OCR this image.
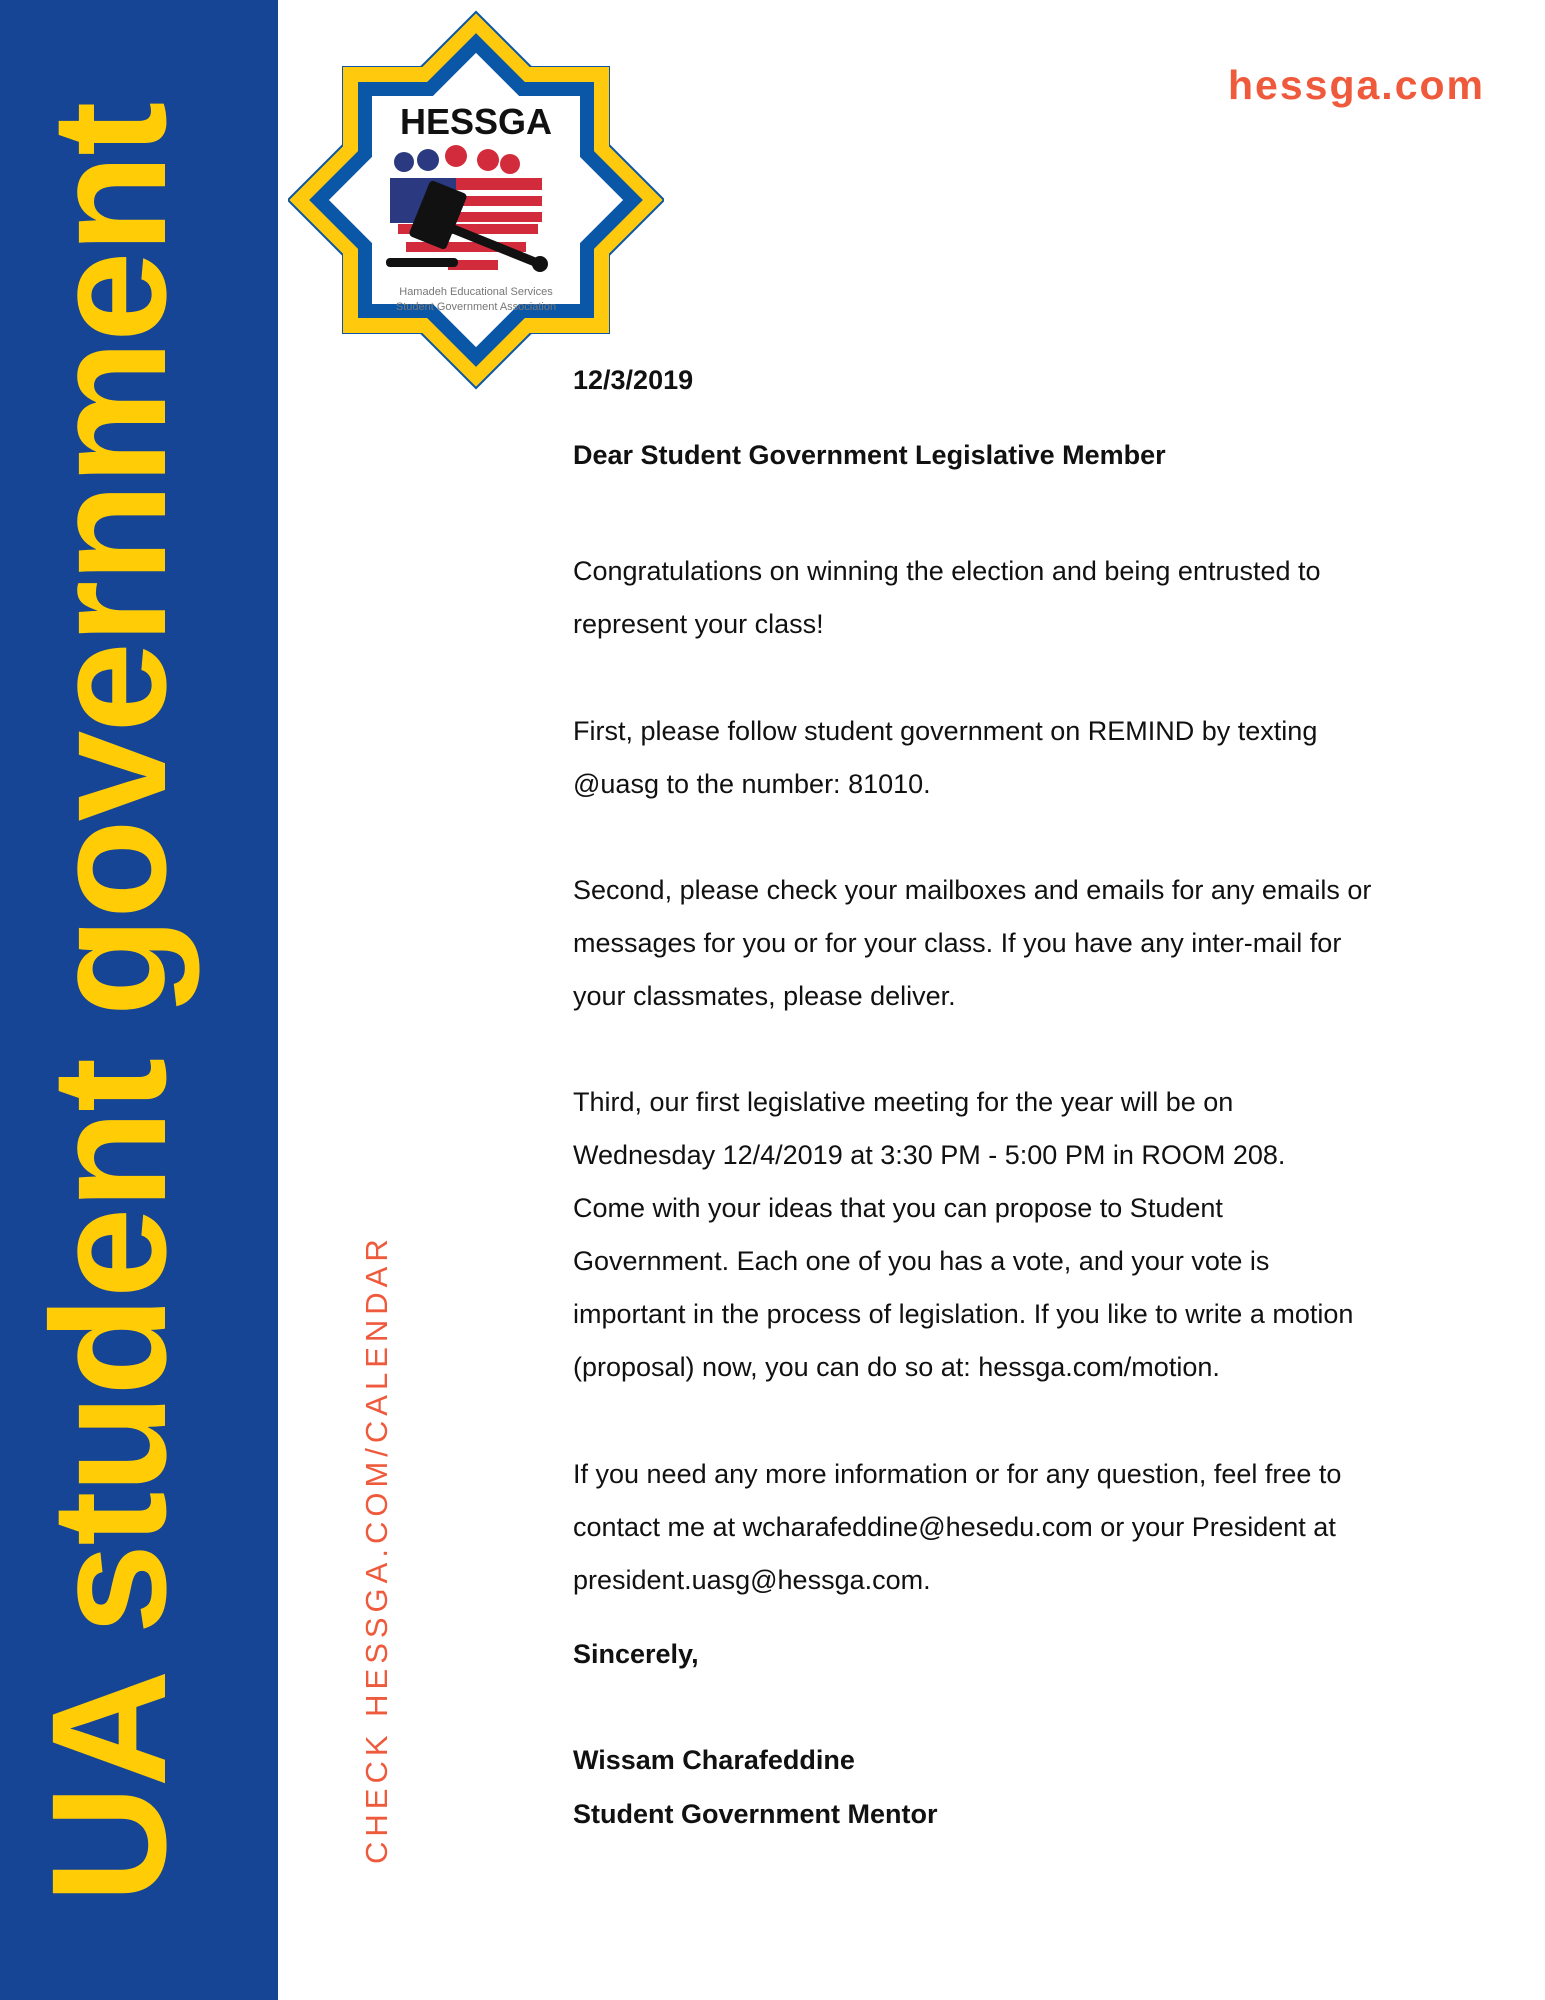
UA student government	CHECK HESSGA.COM/CALENDAR
hessga.com
HESSGA
Hamadeh Educational Services
Student Government Association
12/3/2019
Dear Student Government Legislative Member
Congratulations on winning the election and being entrusted to
represent your class!
First, please follow student government on REMIND by texting
@uasg to the number: 81010.
Second, please check your mailboxes and emails for any emails or
messages for you or for your class. If you have any inter-mail for
your classmates, please deliver.
Third, our first legislative meeting for the year will be on
Wednesday 12/4/2019 at 3:30 PM - 5:00 PM in ROOM 208.
Come with your ideas that you can propose to Student
Government. Each one of you has a vote, and your vote is
important in the process of legislation. If you like to write a motion
(proposal) now, you can do so at: hessga.com/motion.
If you need any more information or for any question, feel free to
contact me at wcharafeddine@hesedu.com or your President at
president.uasg@hessga.com.
Sincerely,
Wissam Charafeddine
Student Government Mentor
